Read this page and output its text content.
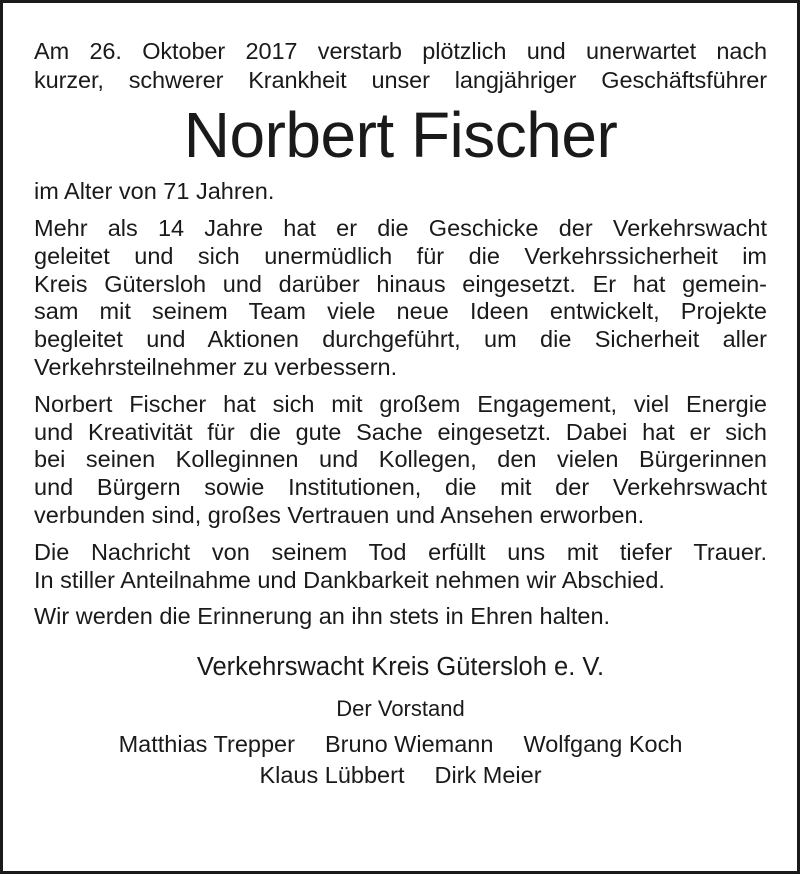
Am 26. Oktober 2017 verstarb plötzlich und unerwartet nach
kurzer, schwerer Krankheit unser langjähriger Geschäftsführer

Norbert Fischer

im Alter von 71 Jahren.

Mehr als 14 Jahre hat er die Geschicke der Verkehrswacht
geleitet und sich unermüdlich für die Verkehrssicherheit im
Kreis Gütersloh und darüber hinaus eingesetzt. Er hat gemein-
sam mit seinem Team viele neue Ideen entwickelt, Projekte
begleitet und Aktionen durchgeführt, um die Sicherheit aller
Verkehrsteilnehmer zu verbessern.

Norbert Fischer hat sich mit großem Engagement, viel Energie
und Kreativität für die gute Sache eingesetzt. Dabei hat er sich
bei seinen Kolleginnen und Kollegen, den vielen Bürgerinnen
und Bürgern sowie Institutionen, die mit der Verkehrswacht
verbunden sind, großes Vertrauen und Ansehen erworben.

Die Nachricht von seinem Tod erfüllt uns mit tiefer Trauer.
In stiller Anteilnahme und Dankbarkeit nehmen wir Abschied.

Wir werden die Erinnerung an ihn stets in Ehren halten.

Verkehrswacht Kreis Gütersloh e. V.

Der Vorstand

Matthias Trepper Bruno Wiemann Wolfgang Koch

Klaus Lübbert Dirk Meier
